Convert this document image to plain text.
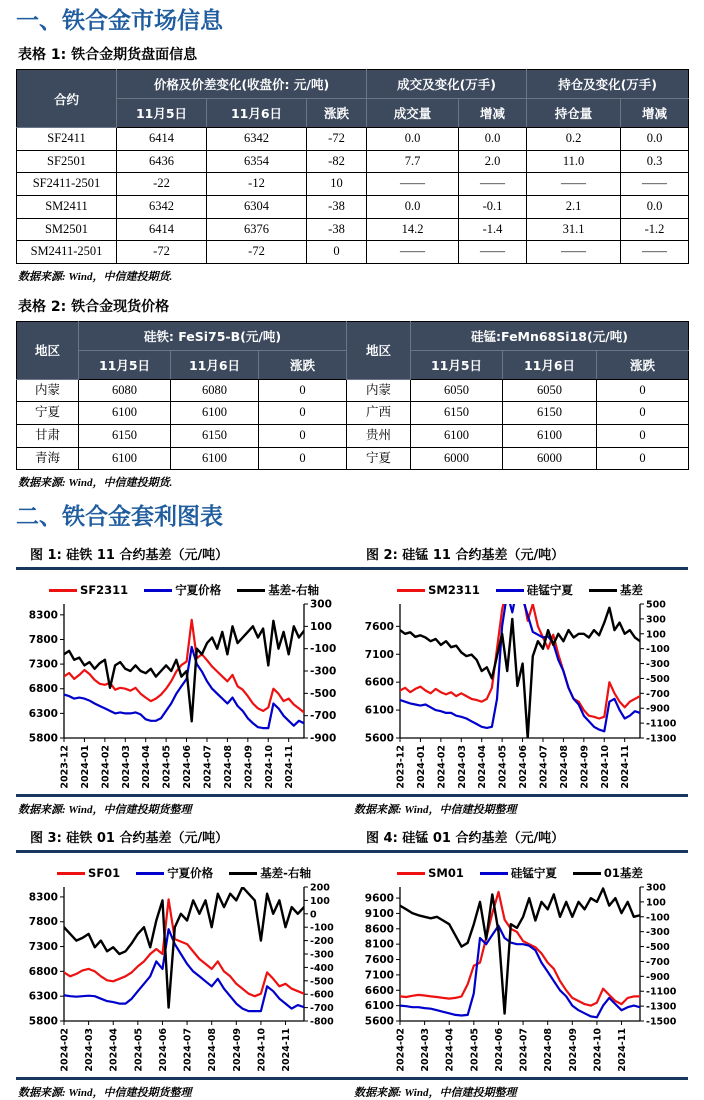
一、铁合金市场信息
表格 1: 铁合金期货盘面信息
合约	价格及价差变化(收盘价: 元/吨)			成交及变化(万手)		持仓及变化(万手)	
	11月5日	11月6日	涨跌	成交量	增减	持仓量	增减
SF2411	6414	6342	-72	0.0	0.0	0.2	0.0
SF2501	6436	6354	-82	7.7	2.0	11.0	0.3
SF2411-2501	-22	-12	10	——	——	——	——
SM2411	6342	6304	-38	0.0	-0.1	2.1	0.0
SM2501	6414	6376	-38	14.2	-1.4	31.1	-1.2
SM2411-2501	-72	-72	0	——	——	——	——
数据来源: Wind，中信建投期货.
表格 2: 铁合金现货价格
地区	硅铁: FeSi75-B(元/吨)			地区	硅锰:FeMn68Si18(元/吨)		
	11月5日	11月6日	涨跌		11月5日	11月6日	涨跌
内蒙	6080	6080	0	内蒙	6050	6050	0
宁夏	6100	6100	0	广西	6150	6150	0
甘肃	6150	6150	0	贵州	6100	6100	0
青海	6100	6100	0	宁夏	6000	6000	0
数据来源: Wind，中信建投期货.
二、铁合金套利图表
图 1: 硅铁 11 合约基差（元/吨）	图 2: 硅锰 11 合约基差（元/吨）
SF2311	宁夏价格	基差-右轴
8300
7800
7300
6800
6300
5800
300
100
-100
-300
-500
-700
-900
2023-12 2024-01 2024-02 2024-03 2024-04 2024-05 2024-06 2024-07 2024-08 2024-09 2024-10 2024-11
SM2311	硅锰宁夏	基差
7600
7100
6600
6100
5600
500
300
100
-100
-300
-500
-700
-900
-1100
-1300
2023-12 2024-01 2024-02 2024-03 2024-04 2024-05 2024-06 2024-07 2024-08 2024-09 2024-10 2024-11
数据来源: Wind，中信建投期货整理	数据来源: Wind，中信建投期整理
图 3: 硅铁 01 合约基差（元/吨）	图 4: 硅锰 01 合约基差（元/吨）
SF01	宁夏价格	基差-右轴
8300
7800
7300
6800
6300
5800
200
100
0
-100
-200
-300
-400
-500
-600
-700
-800
2024-02 2024-03 2024-04 2024-05 2024-06 2024-07 2024-08 2024-09 2024-10 2024-11
SM01	硅锰宁夏	01基差
9600
9100
8600
8100
7600
7100
6600
6100
5600
300
100
-100
-300
-500
-700
-900
-1100
-1300
-1500
2024-02 2024-03 2024-04 2024-05 2024-06 2024-07 2024-08 2024-09 2024-10 2024-11
数据来源: Wind，中信建投期货整理	数据来源: Wind，中信建投期整理
